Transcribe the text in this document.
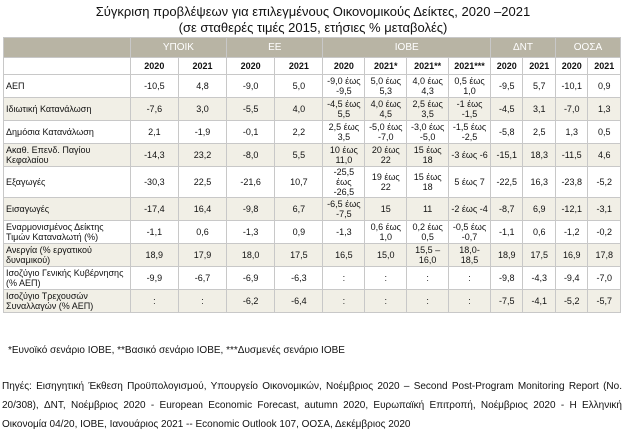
Σύγκριση προβλέψεων για επιλεγμένους Οικονομικούς Δείκτες, 2020 –2021
(σε σταθερές τιμές 2015, ετήσιες % μεταβολές)
	ΥΠΟΙΚ		ΕΕ		ΙΟΒΕ				ΔΝΤ		ΟΟΣΑ	
	2020	2021	2020	2021	2020	2021*	2021**	2021***	2020	2021	2020	2021
ΑΕΠ	-10,5	4,8	-9,0	5,0	-9,0 έως -9,5	5,0 έως 5,3	4,0 έως 4,3	0,5 έως 1,0	-9,5	5,7	-10,1	0,9
Ιδιωτική Κατανάλωση	-7,6	3,0	-5,5	4,0	-4,5 έως 5,5	4,0 έως 4,5	2,5 έως 3,5	-1 έως -1,5	-4,5	3,1	-7,0	1,3
Δημόσια Κατανάλωση	2,1	-1,9	-0,1	2,2	2,5 έως 3,5	-5,0 έως -7,0	-3,0 έως -5,0	-1,5 έως -2,5	-5,8	2,5	1,3	0,5
Ακαθ. Επενδ. Παγίου Κεφαλαίου	-14,3	23,2	-8,0	5,5	10 έως 11,0	20 έως 22	15 έως 18	-3 έως -6	-15,1	18,3	-11,5	4,6
Εξαγωγές	-30,3	22,5	-21,6	10,7	-25,5 έως -26,5	19 έως 22	15 έως 18	5 έως 7	-22,5	16,3	-23,8	-5,2
Εισαγωγές	-17,4	16,4	-9,8	6,7	-6,5 έως -7,5	15	11	-2 έως -4	-8,7	6,9	-12,1	-3,1
Εναρμονισμένος Δείκτης Τιμών Καταναλωτή (%)	-1,1	0,6	-1,3	0,9	-1,3	0,6 έως 1,0	0,2 έως 0,5	-0,5 έως -0,7	-1,1	0,6	-1,2	-0,2
Ανεργία (% εργατικού δυναμικού)	18,9	17,9	18,0	17,5	16,5	15,0	15,5 – 16,0	18,0-18,5	18,9	17,5	16,9	17,8
Ισοζύγιο Γενικής Κυβέρνησης (% ΑΕΠ)	-9,9	-6,7	-6,9	-6,3	:	:	:	:	-9,8	-4,3	-9,4	-7,0
Ισοζύγιο Τρεχουσών Συναλλαγών (% ΑΕΠ)	:	:	-6,2	-6,4	:	:	:	:	-7,5	-4,1	-5,2	-5,7
*Ευνοϊκό σενάριο ΙΟΒΕ, **Βασικό σενάριο ΙΟΒΕ, ***Δυσμενές σενάριο ΙΟΒΕ
Πηγές: Εισηγητική Έκθεση Προϋπολογισμού, Υπουργείο Οικονομικών, Νοέμβριος 2020 – Second Post-Program Monitoring Report (No. 20/308), ΔΝΤ, Νοέμβριος 2020 - European Economic Forecast, autumn 2020, Ευρωπαϊκή Επιτροπή, Νοέμβριος 2020 - Η Ελληνική Οικονομία 04/20, ΙΟΒΕ, Ιανουάριος 2021 -- Economic Outlook 107, ΟΟΣΑ, Δεκέμβριος 2020
